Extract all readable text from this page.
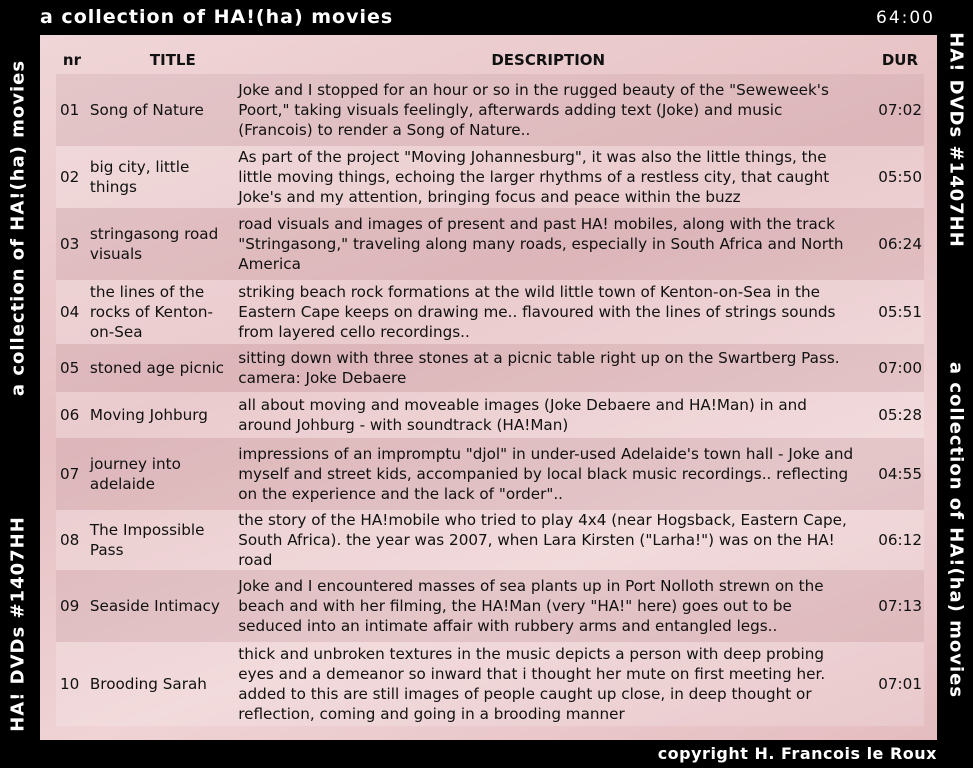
a collection of HA!(ha) movies	64:00
a collection of HA!(ha) movies
HA! DVDs #1407HH
HA! DVDs #1407HH
a collection of HA!(ha) movies
nr	TITLE	DESCRIPTION	DUR
01	Song of Nature	Joke and I stopped for an hour or so in the rugged beauty of the "Seweweek's Poort," taking visuals feelingly, afterwards adding text (Joke) and music (Francois) to render a Song of Nature..	07:02
02	big city, little things	As part of the project "Moving Johannesburg", it was also the little things, the little moving things, echoing the larger rhythms of a restless city, that caught Joke's and my attention, bringing focus and peace within the buzz	05:50
03	stringasong road visuals	road visuals and images of present and past HA! mobiles, along with the track "Stringasong," traveling along many roads, especially in South Africa and North America	06:24
04	the lines of the rocks of Kenton-on-Sea	striking beach rock formations at the wild little town of Kenton-on-Sea in the Eastern Cape keeps on drawing me.. flavoured with the lines of strings sounds from layered cello recordings..	05:51
05	stoned age picnic	sitting down with three stones at a picnic table right up on the Swartberg Pass. camera: Joke Debaere	07:00
06	Moving Johburg	all about moving and moveable images (Joke Debaere and HA!Man) in and around Johburg - with soundtrack (HA!Man)	05:28
07	journey into adelaide	impressions of an impromptu "djol" in under-used Adelaide's town hall - Joke and myself and street kids, accompanied by local black music recordings.. reflecting on the experience and the lack of "order"..	04:55
08	The Impossible Pass	the story of the HA!mobile who tried to play 4x4 (near Hogsback, Eastern Cape, South Africa). the year was 2007, when Lara Kirsten ("Larha!") was on the HA! road	06:12
09	Seaside Intimacy	Joke and I encountered masses of sea plants up in Port Nolloth strewn on the beach and with her filming, the HA!Man (very "HA!" here) goes out to be seduced into an intimate affair with rubbery arms and entangled legs..	07:13
10	Brooding Sarah	thick and unbroken textures in the music depicts a person with deep probing eyes and a demeanor so inward that i thought her mute on first meeting her. added to this are still images of people caught up close, in deep thought or reflection, coming and going in a brooding manner	07:01
copyright H. Francois le Roux
